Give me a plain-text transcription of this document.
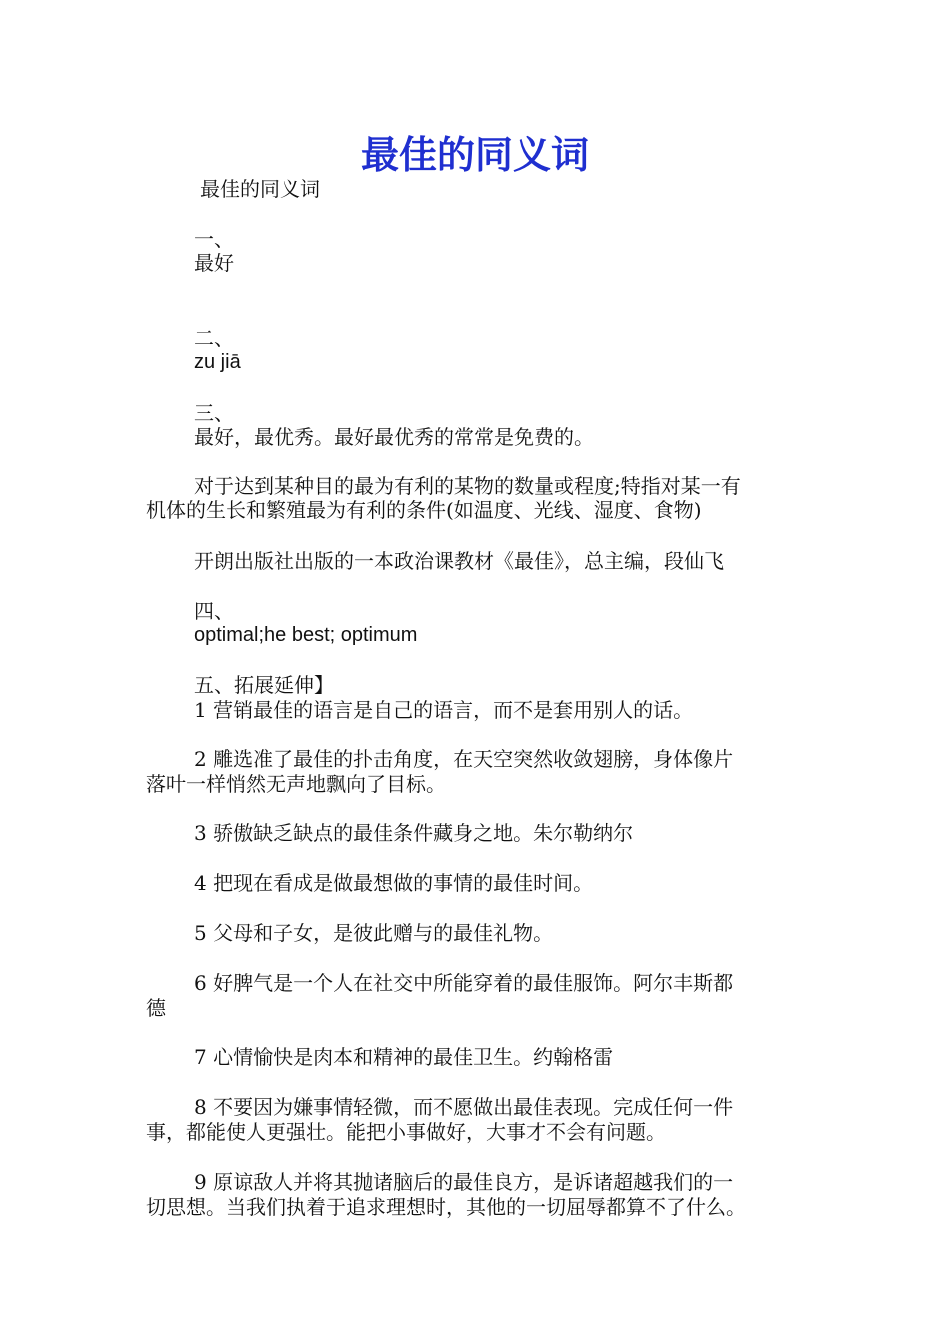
最佳的同义词
最佳的同义词
一、
最好
二、
zu jiā
三、
最好，最优秀。最好最优秀的常常是免费的。
对于达到某种目的最为有利的某物的数量或程度;特指对某一有
机体的生长和繁殖最为有利的条件(如温度、光线、湿度、食物)
开朗出版社出版的一本政治课教材《最佳》，总主编，段仙飞
四、
optimal;he best; optimum
五、拓展延伸】
1 营销最佳的语言是自己的语言，而不是套用别人的话。
2 雕选准了最佳的扑击角度，在天空突然收敛翅膀，身体像片
落叶一样悄然无声地飘向了目标。
3 骄傲缺乏缺点的最佳条件藏身之地。朱尔勒纳尔
4 把现在看成是做最想做的事情的最佳时间。
5 父母和子女，是彼此赠与的最佳礼物。
6 好脾气是一个人在社交中所能穿着的最佳服饰。阿尔丰斯都
德
7 心情愉快是肉本和精神的最佳卫生。约翰格雷
8 不要因为嫌事情轻微，而不愿做出最佳表现。完成任何一件
事，都能使人更强壮。能把小事做好，大事才不会有问题。
9 原谅敌人并将其抛诸脑后的最佳良方，是诉诸超越我们的一
切思想。当我们执着于追求理想时，其他的一切屈辱都算不了什么。
